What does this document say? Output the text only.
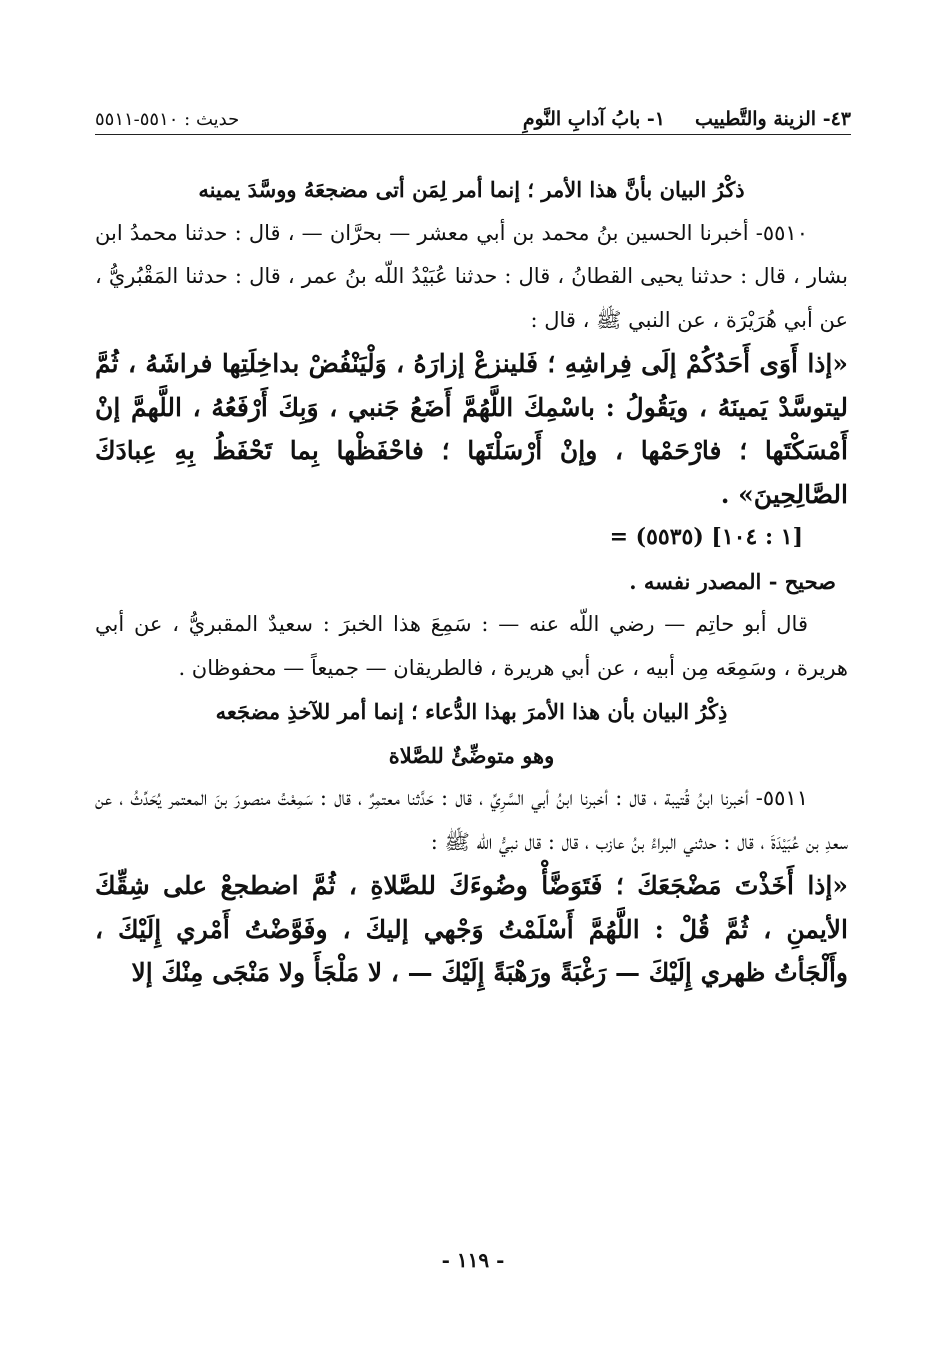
٤٣- الزينة والتَّطييب
١- بابُ آدابِ النَّومِ
حديث : ٥٥١٠-٥٥١١

ذكْرُ البيان بأنَّ هذا الأمر ؛ إنما أمر لِمَن أتى مضجعَهُ ووسَّدَ يمينه

٥٥١٠- أخبرنا الحسين بنُ محمد بن أبي معشر — بحرَّان — ، قال : حدثنا محمدُ ابن بشار ، قال : حدثنا يحيى القطانُ ، قال : حدثنا عُبَيْدُ اللّه بنُ عمر ، قال : حدثنا المَقْبُريُّ ، عن أبي هُرَيْرَة ، عن النبي ﷺ ، قال :

«إذا أَوَى أَحَدُكُمْ إلَى فِراشِهِ ؛ فَلينزعْ إزارَهُ ، وَلْيَنْفُضْ بداخِلَتِها فراشَهُ ، ثُمَّ ليتوسَّدْ يَمينَهُ ، ويَقُولُ : باسْمِكَ اللَّهُمَّ أَضَعُ جَنبي ، وَبِكَ أَرْفَعُهُ ، اللَّهمَّ إنْ أَمْسَكْتَها ؛ فارْحَمْها ، وإنْ أَرْسَلْتَها ؛ فاحْفَظْها بِما تَحْفَظُ بِهِ عِبادَكَ الصَّالِحِينَ» .

= (٥٥٣٥) [١ : ١٠٤]

صحيح - المصدر نفسه .

قال أبو حاتِم — رضي اللّه عنه — : سَمِعَ هذا الخبرَ : سعيدٌ المقبريُّ ، عن أبي هريرة ، وسَمِعَه مِن أبيه ، عن أبي هريرة ، فالطريقان — جميعاً — محفوظان .

ذِكْرُ البيان بأن هذا الأمرَ بهذا الدُّعاء ؛ إنما أمر للآخذِ مضجَعه

وهو متوضِّئٌ للصَّلاة

٥٥١١- أخبرنا ابنُ قُتيبة ، قال : أخبرنا ابنُ أبي السَّرِيِّ ، قال : حَدَّثنا معتمِرٌ ، قال : سَمِعْتُ منصورَ بنَ المعتمر يُحَدِّثُ ، عن سعدِ بن عُبَيْدَةَ ، قال : حدثني البراءُ بنُ عازب ، قال : قال نبيُّ اللّه ﷺ :

«إذا أَخَذْتَ مَضْجَعَكَ ؛ فَتَوَضَّأْ وضُوءَكَ للصَّلاةِ ، ثُمَّ اضطجعْ على شِقِّكَ الأيمنِ ، ثُمَّ قُلْ : اللَّهُمَّ أَسْلَمْتُ وَجْهي إليكَ ، وفَوَّضْتُ أَمْري إِلَيْكَ ، وأَلْجَأتُ ظهري إِلَيْكَ — رَغْبَةً ورَهْبَةً إِلَيْكَ — ، لا مَلْجَأَ ولا مَنْجَى مِنْكَ إلا

- ١١٩ -
